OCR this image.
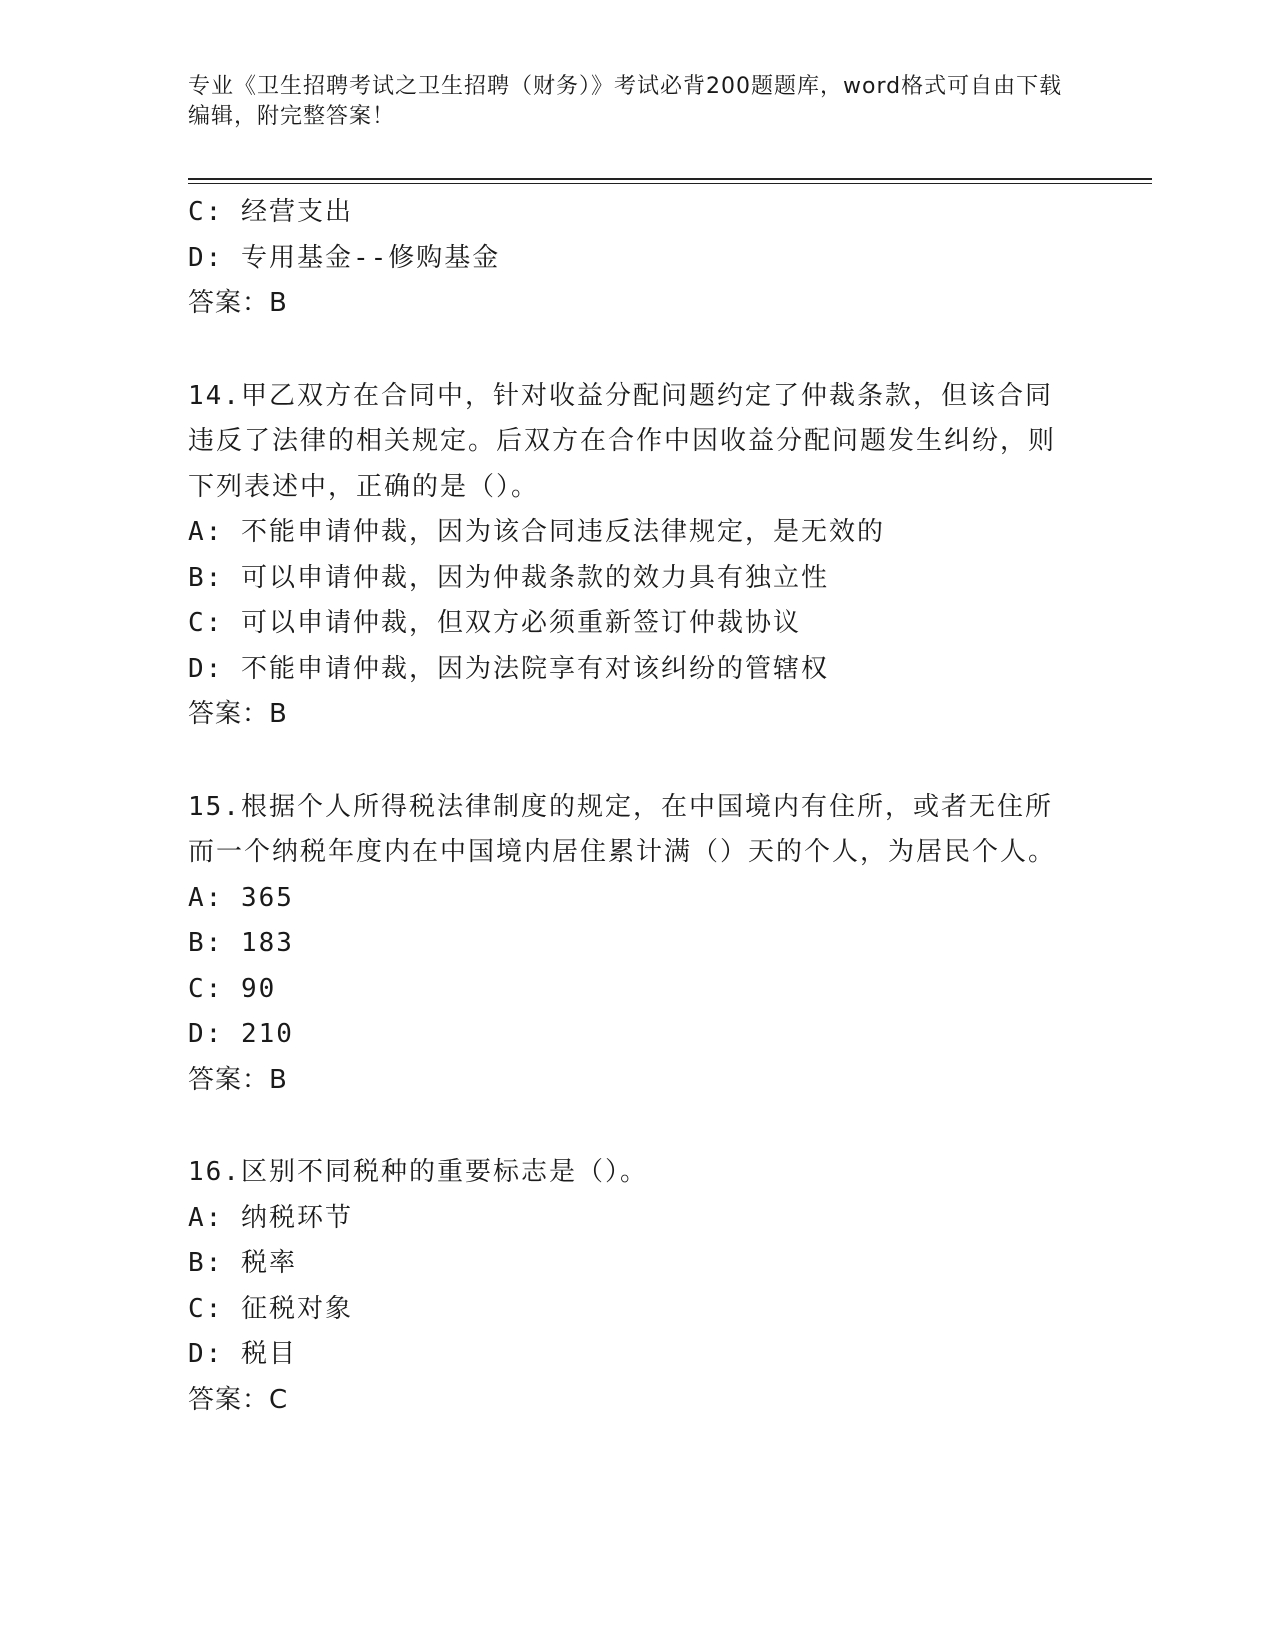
专业《卫生招聘考试之卫生招聘（财务）》考试必背200题题库，word格式可自由下载编辑，附完整答案！
C: 经营支出
D: 专用基金--修购基金
答案：B
14.甲乙双方在合同中，针对收益分配问题约定了仲裁条款，但该合同违反了法律的相关规定。后双方在合作中因收益分配问题发生纠纷，则下列表述中，正确的是（）。
A: 不能申请仲裁，因为该合同违反法律规定，是无效的
B: 可以申请仲裁，因为仲裁条款的效力具有独立性
C: 可以申请仲裁，但双方必须重新签订仲裁协议
D: 不能申请仲裁，因为法院享有对该纠纷的管辖权
答案：B
15.根据个人所得税法律制度的规定，在中国境内有住所，或者无住所而一个纳税年度内在中国境内居住累计满（）天的个人，为居民个人。
A: 365
B: 183
C: 90
D: 210
答案：B
16.区别不同税种的重要标志是（）。
A: 纳税环节
B: 税率
C: 征税对象
D: 税目
答案：C
